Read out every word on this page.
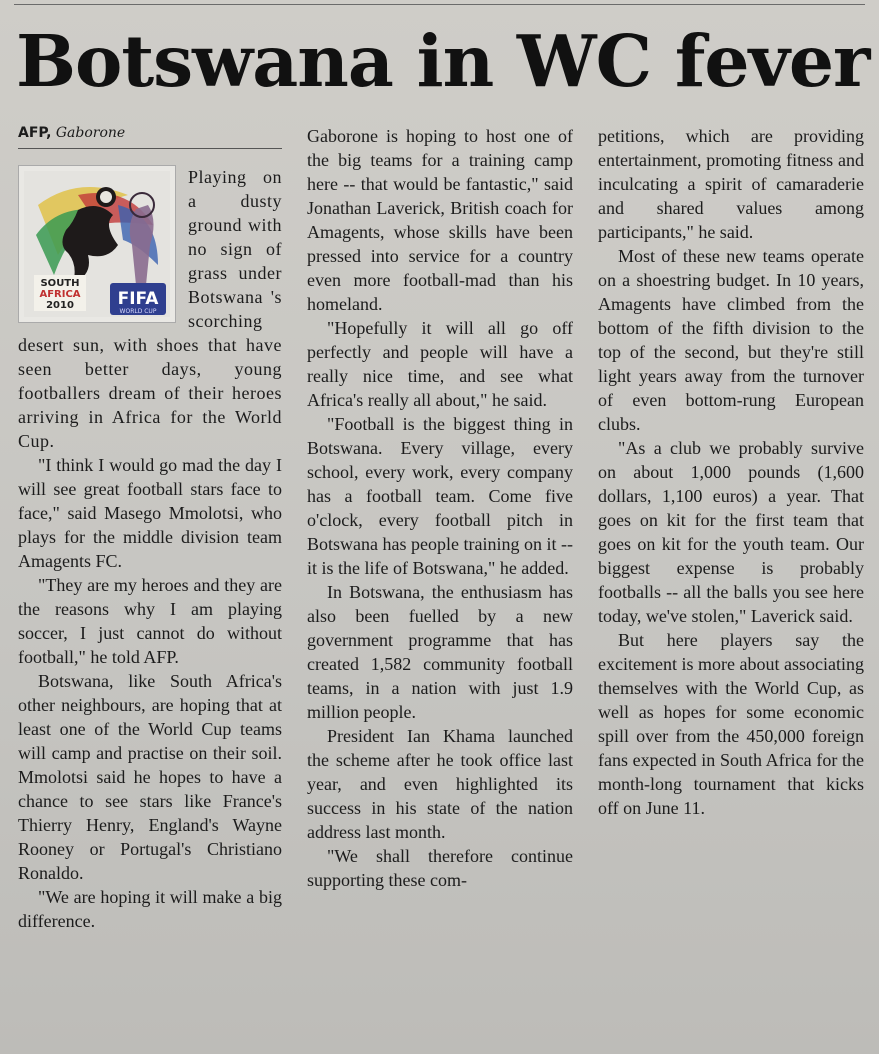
Botswana in WC fever
AFP, Gaborone
SOUTH
AFRICA
2010	FIFA
WORLD CUP

Playing on a dusty ground with no sign of grass under Botswana 's scorching desert sun, with shoes that have seen better days, young footballers dream of their heroes arriving in Africa for the World Cup.

"I think I would go mad the day I will see great football stars face to face," said Masego Mmolotsi, who plays for the middle division team Amagents FC.

"They are my heroes and they are the reasons why I am playing soccer, I just cannot do without football," he told AFP.

Botswana, like South Africa's other neighbours, are hoping that at least one of the World Cup teams will camp and practise on their soil. Mmolotsi said he hopes to have a chance to see stars like France's Thierry Henry, England's Wayne Rooney or Portugal's Christiano Ronaldo.

"We are hoping it will make a big difference.

Gaborone is hoping to host one of the big teams for a training camp here -- that would be fantastic," said Jonathan Laverick, British coach for Amagents, whose skills have been pressed into service for a country even more football-mad than his homeland.

"Hopefully it will all go off perfectly and people will have a really nice time, and see what Africa's really all about," he said.

"Football is the biggest thing in Botswana. Every village, every school, every work, every company has a football team. Come five o'clock, every football pitch in Botswana has people training on it -- it is the life of Botswana," he added.

In Botswana, the enthusiasm has also been fuelled by a new government programme that has created 1,582 community football teams, in a nation with just 1.9 million people.

President Ian Khama launched the scheme after he took office last year, and even highlighted its success in his state of the nation address last month.

"We shall therefore continue supporting these com-

petitions, which are providing entertainment, promoting fitness and inculcating a spirit of camaraderie and shared values among participants," he said.

Most of these new teams operate on a shoestring budget. In 10 years, Amagents have climbed from the bottom of the fifth division to the top of the second, but they're still light years away from the turnover of even bottom-rung European clubs.

"As a club we probably survive on about 1,000 pounds (1,600 dollars, 1,100 euros) a year. That goes on kit for the first team that goes on kit for the youth team. Our biggest expense is probably footballs -- all the balls you see here today, we've stolen," Laverick said.

But here players say the excitement is more about associating themselves with the World Cup, as well as hopes for some economic spill over from the 450,000 foreign fans expected in South Africa for the month-long tournament that kicks off on June 11.
